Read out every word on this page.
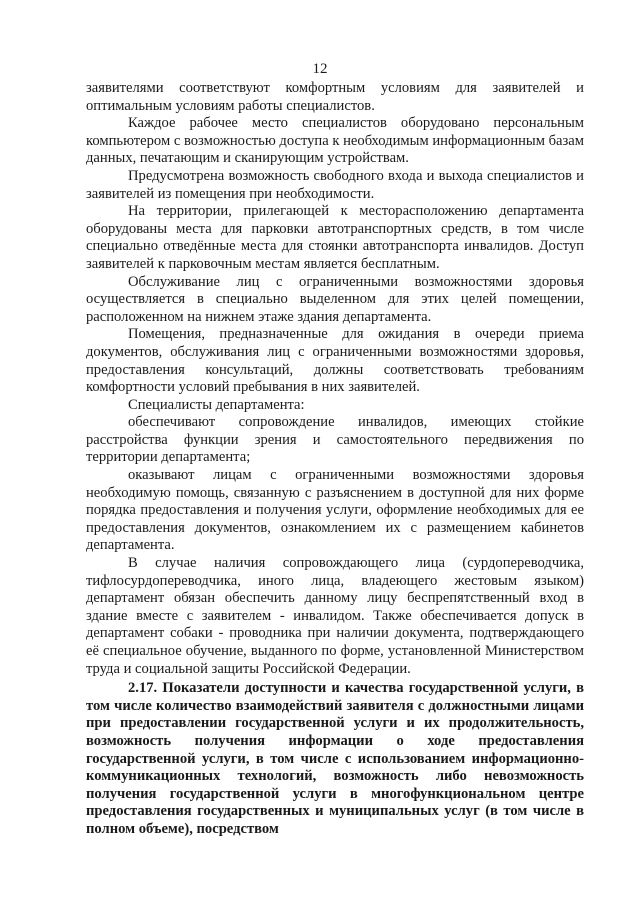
12

заявителями соответствуют комфортным условиям для заявителей и оптимальным условиям работы специалистов.

Каждое рабочее место специалистов оборудовано персональным компьютером с возможностью доступа к необходимым информационным базам данных, печатающим и сканирующим устройствам.

Предусмотрена возможность свободного входа и выхода специалистов и заявителей из помещения при необходимости.

На территории, прилегающей к месторасположению департамента оборудованы места для парковки автотранспортных средств, в том числе специально отведённые места для стоянки автотранспорта инвалидов. Доступ заявителей к парковочным местам является бесплатным.

Обслуживание лиц с ограниченными возможностями здоровья осуществляется в специально выделенном для этих целей помещении, расположенном на нижнем этаже здания департамента.

Помещения, предназначенные для ожидания в очереди приема документов, обслуживания лиц с ограниченными возможностями здоровья, предоставления консультаций, должны соответствовать требованиям комфортности условий пребывания в них заявителей.

Специалисты департамента:

обеспечивают сопровождение инвалидов, имеющих стойкие расстройства функции зрения и самостоятельного передвижения по территории департамента;

оказывают лицам с ограниченными возможностями здоровья необходимую помощь, связанную с разъяснением в доступной для них форме порядка предоставления и получения услуги, оформление необходимых для ее предоставления документов, ознакомлением их с размещением кабинетов департамента.

В случае наличия сопровождающего лица (сурдопереводчика, тифлосурдопереводчика, иного лица, владеющего жестовым языком) департамент обязан обеспечить данному лицу беспрепятственный вход в здание вместе с заявителем - инвалидом. Также обеспечивается допуск в департамент собаки - проводника при наличии документа, подтверждающего её специальное обучение, выданного по форме, установленной Министерством труда и социальной защиты Российской Федерации.

2.17. Показатели доступности и качества государственной услуги, в том числе количество взаимодействий заявителя с должностными лицами при предоставлении государственной услуги и их продолжительность, возможность получения информации о ходе предоставления государственной услуги, в том числе с использованием информационно-коммуникационных технологий, возможность либо невозможность получения государственной услуги в многофункциональном центре предоставления государственных и муниципальных услуг (в том числе в полном объеме), посредством
